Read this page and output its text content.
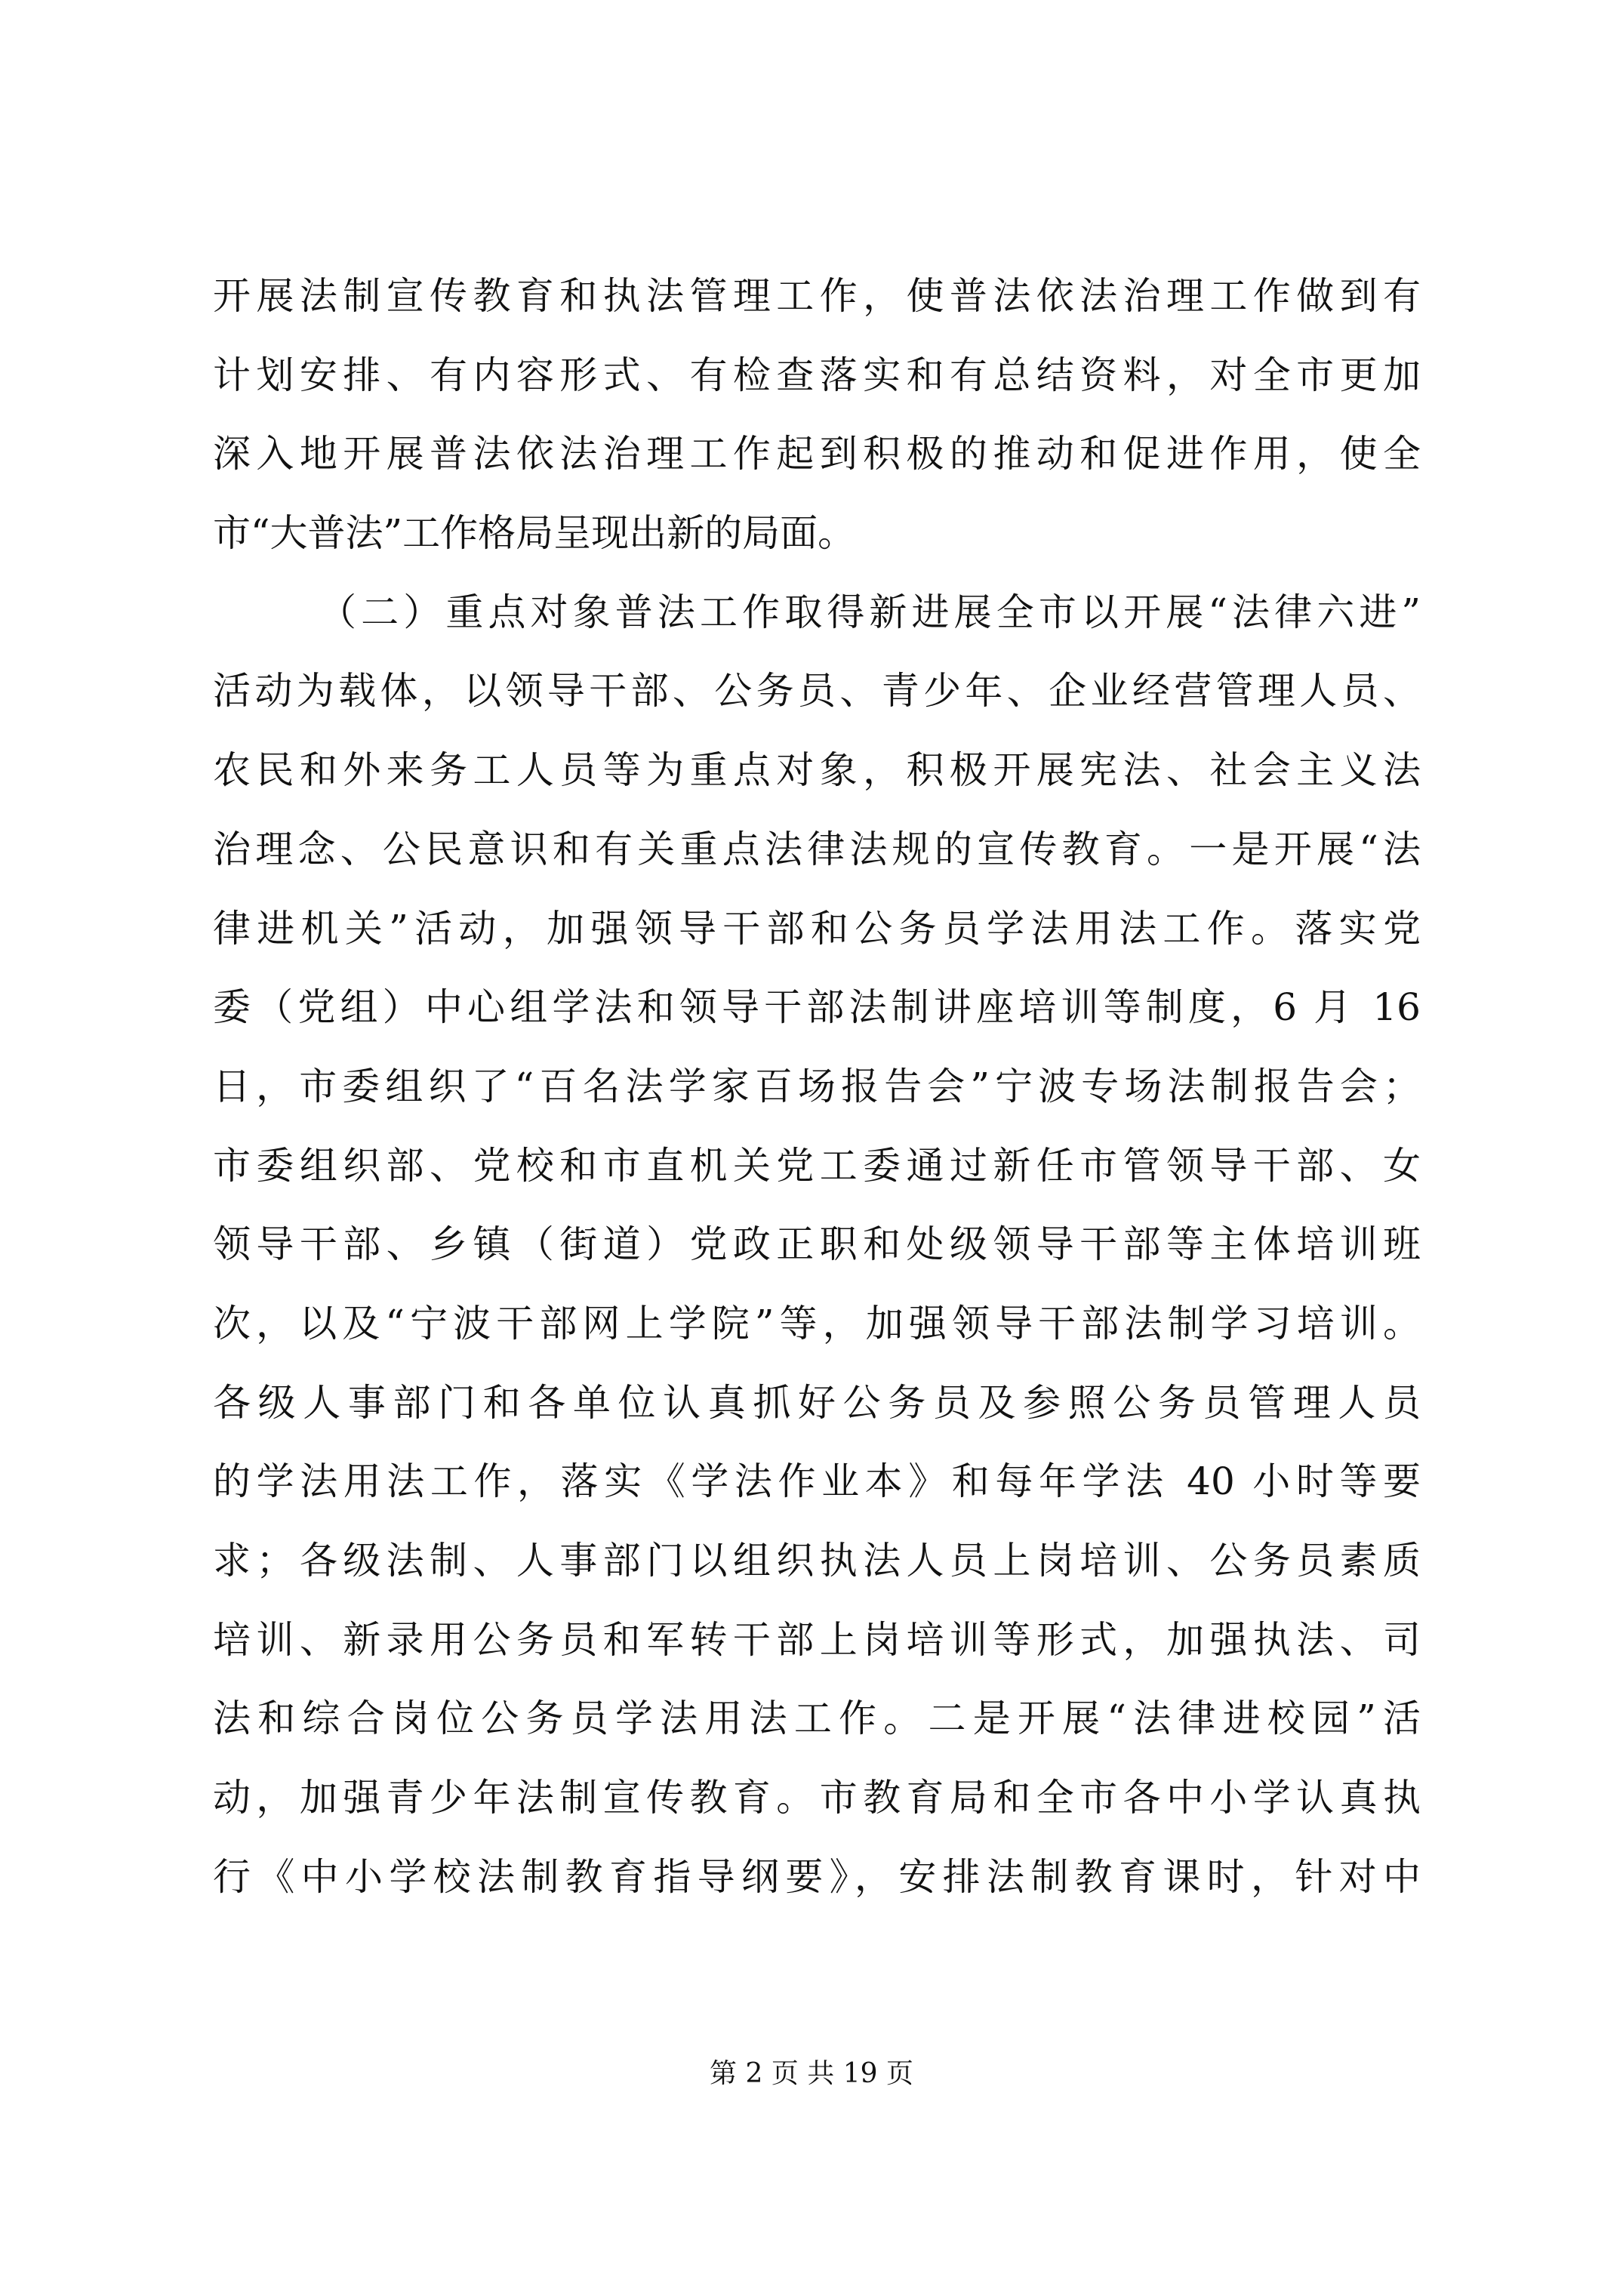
开展法制宣传教育和执法管理工作，使普法依法治理工作做到有
计划安排、有内容形式、有检查落实和有总结资料，对全市更加
深入地开展普法依法治理工作起到积极的推动和促进作用，使全
市“大普法”工作格局呈现出新的局面。
（二）重点对象普法工作取得新进展全市以开展“法律六进”
活动为载体，以领导干部、公务员、青少年、企业经营管理人员、
农民和外来务工人员等为重点对象，积极开展宪法、社会主义法
治理念、公民意识和有关重点法律法规的宣传教育。一是开展“法
律进机关”活动，加强领导干部和公务员学法用法工作。落实党
委（党组）中心组学法和领导干部法制讲座培训等制度，6 月 16
日，市委组织了“百名法学家百场报告会”宁波专场法制报告会；
市委组织部、党校和市直机关党工委通过新任市管领导干部、女
领导干部、乡镇（街道）党政正职和处级领导干部等主体培训班
次，以及“宁波干部网上学院”等，加强领导干部法制学习培训。
各级人事部门和各单位认真抓好公务员及参照公务员管理人员
的学法用法工作，落实《学法作业本》和每年学法 40 小时等要
求；各级法制、人事部门以组织执法人员上岗培训、公务员素质
培训、新录用公务员和军转干部上岗培训等形式，加强执法、司
法和综合岗位公务员学法用法工作。二是开展“法律进校园”活
动，加强青少年法制宣传教育。市教育局和全市各中小学认真执
行《中小学校法制教育指导纲要》，安排法制教育课时，针对中
第 2 页 共 19 页
